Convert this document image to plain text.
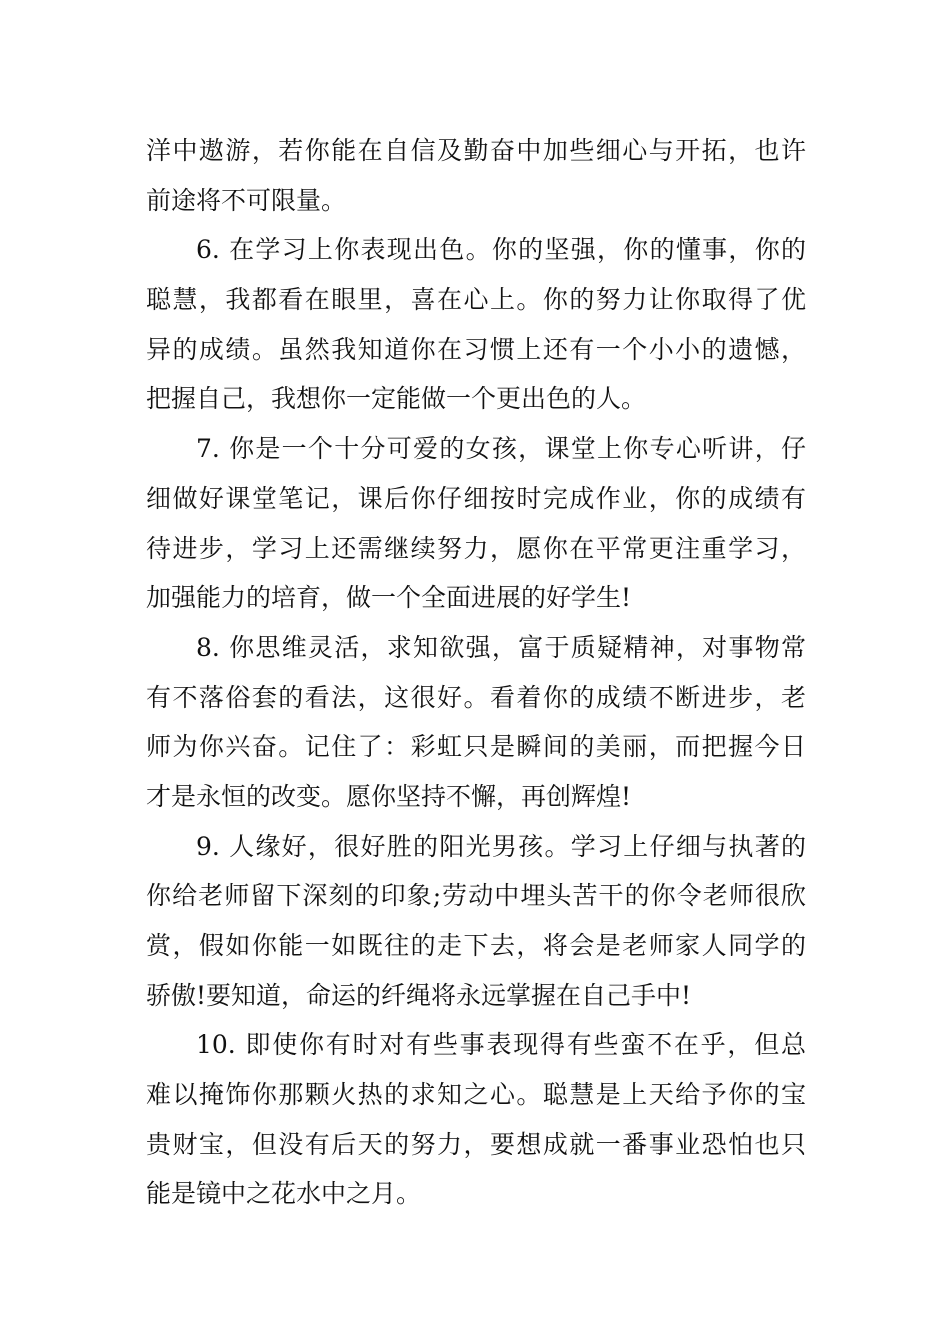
洋中遨游，若你能在自信及勤奋中加些细心与开拓，也许
前途将不可限量。
6. 在学习上你表现出色。你的坚强，你的懂事，你的
聪慧，我都看在眼里，喜在心上。你的努力让你取得了优
异的成绩。虽然我知道你在习惯上还有一个小小的遗憾，
把握自己，我想你一定能做一个更出色的人。
7. 你是一个十分可爱的女孩，课堂上你专心听讲，仔
细做好课堂笔记，课后你仔细按时完成作业，你的成绩有
待进步，学习上还需继续努力，愿你在平常更注重学习，
加强能力的培育，做一个全面进展的好学生!
8. 你思维灵活，求知欲强，富于质疑精神，对事物常
有不落俗套的看法，这很好。看着你的成绩不断进步，老
师为你兴奋。记住了：彩虹只是瞬间的美丽，而把握今日
才是永恒的改变。愿你坚持不懈，再创辉煌!
9. 人缘好，很好胜的阳光男孩。学习上仔细与执著的
你给老师留下深刻的印象;劳动中埋头苦干的你令老师很欣
赏，假如你能一如既往的走下去，将会是老师家人同学的
骄傲!要知道，命运的纤绳将永远掌握在自己手中!
10. 即使你有时对有些事表现得有些蛮不在乎，但总
难以掩饰你那颗火热的求知之心。聪慧是上天给予你的宝
贵财宝，但没有后天的努力，要想成就一番事业恐怕也只
能是镜中之花水中之月。
